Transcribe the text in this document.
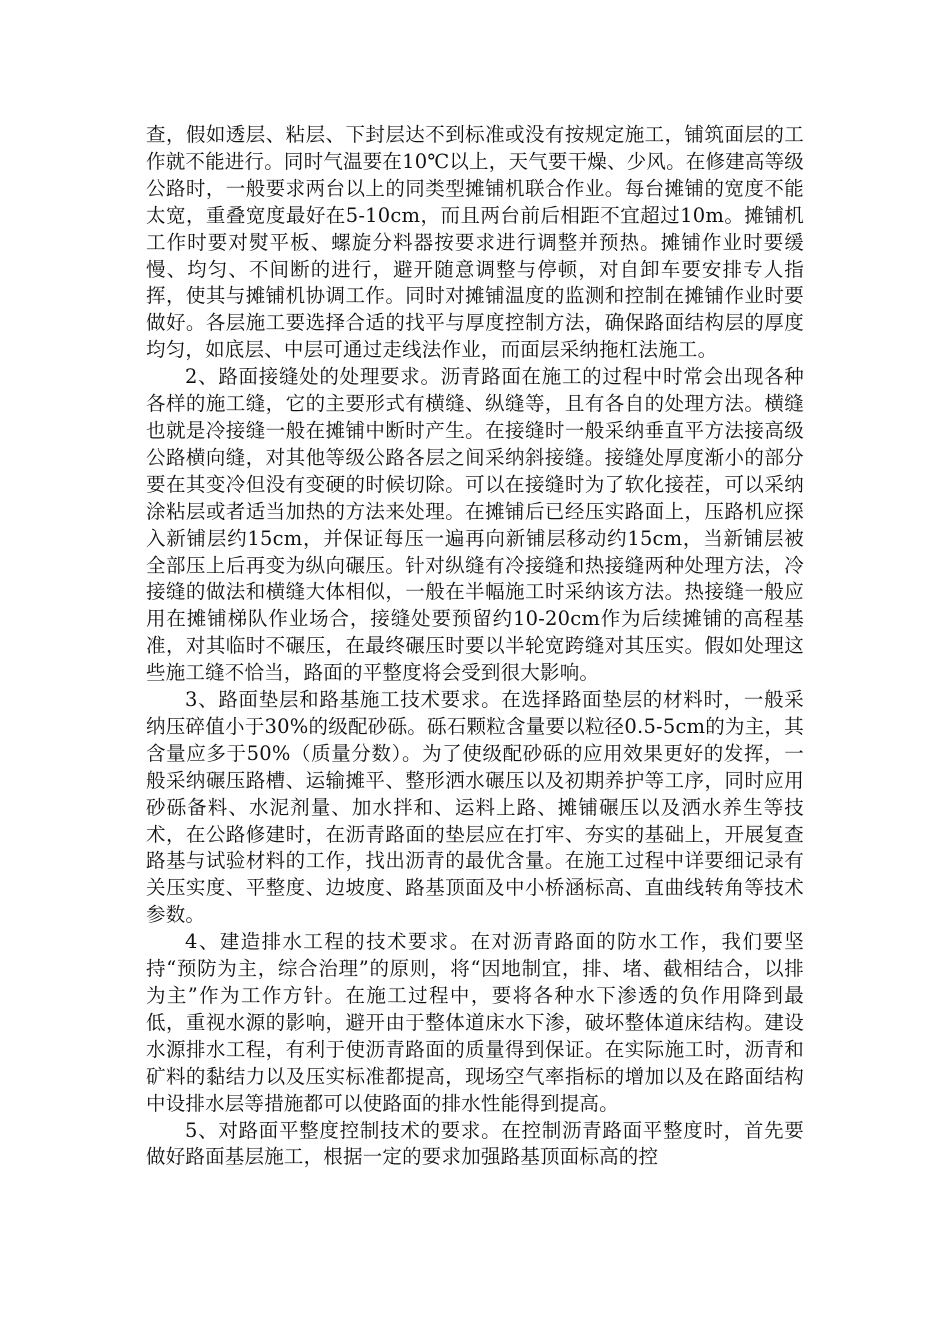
查，假如透层、粘层、下封层达不到标准或没有按规定施工，铺筑面层的工作就不能进行。同时气温要在10℃以上，天气要干燥、少风。在修建高等级公路时，一般要求两台以上的同类型摊铺机联合作业。每台摊铺的宽度不能太宽，重叠宽度最好在5-10cm，而且两台前后相距不宜超过10m。摊铺机工作时要对熨平板、螺旋分料器按要求进行调整并预热。摊铺作业时要缓慢、均匀、不间断的进行，避开随意调整与停顿，对自卸车要安排专人指挥，使其与摊铺机协调工作。同时对摊铺温度的监测和控制在摊铺作业时要做好。各层施工要选择合适的找平与厚度控制方法，确保路面结构层的厚度均匀，如底层、中层可通过走线法作业，而面层采纳拖杠法施工。

2、路面接缝处的处理要求。沥青路面在施工的过程中时常会出现各种各样的施工缝，它的主要形式有横缝、纵缝等，且有各自的处理方法。横缝也就是冷接缝一般在摊铺中断时产生。在接缝时一般采纳垂直平方法接高级公路横向缝，对其他等级公路各层之间采纳斜接缝。接缝处厚度渐小的部分要在其变冷但没有变硬的时候切除。可以在接缝时为了软化接茬，可以采纳涂粘层或者适当加热的方法来处理。在摊铺后已经压实路面上，压路机应探入新铺层约15cm，并保证每压一遍再向新铺层移动约15cm，当新铺层被全部压上后再变为纵向碾压。针对纵缝有冷接缝和热接缝两种处理方法，冷接缝的做法和横缝大体相似，一般在半幅施工时采纳该方法。热接缝一般应用在摊铺梯队作业场合，接缝处要预留约10-20cm作为后续摊铺的高程基准，对其临时不碾压，在最终碾压时要以半轮宽跨缝对其压实。假如处理这些施工缝不恰当，路面的平整度将会受到很大影响。

3、路面垫层和路基施工技术要求。在选择路面垫层的材料时，一般采纳压碎值小于30%的级配砂砾。砾石颗粒含量要以粒径0.5-5cm的为主，其含量应多于50%（质量分数）。为了使级配砂砾的应用效果更好的发挥，一般采纳碾压路槽、运输摊平、整形洒水碾压以及初期养护等工序，同时应用砂砾备料、水泥剂量、加水拌和、运料上路、摊铺碾压以及洒水养生等技术，在公路修建时，在沥青路面的垫层应在打牢、夯实的基础上，开展复查路基与试验材料的工作，找出沥青的最优含量。在施工过程中详要细记录有关压实度、平整度、边坡度、路基顶面及中小桥涵标高、直曲线转角等技术参数。

4、建造排水工程的技术要求。在对沥青路面的防水工作，我们要坚持“预防为主，综合治理”的原则，将“因地制宜，排、堵、截相结合，以排为主”作为工作方针。在施工过程中，要将各种水下渗透的负作用降到最低，重视水源的影响，避开由于整体道床水下渗，破坏整体道床结构。建设水源排水工程，有利于使沥青路面的质量得到保证。在实际施工时，沥青和矿料的黏结力以及压实标准都提高，现场空气率指标的增加以及在路面结构中设排水层等措施都可以使路面的排水性能得到提高。

5、对路面平整度控制技术的要求。在控制沥青路面平整度时，首先要做好路面基层施工，根据一定的要求加强路基顶面标高的控
